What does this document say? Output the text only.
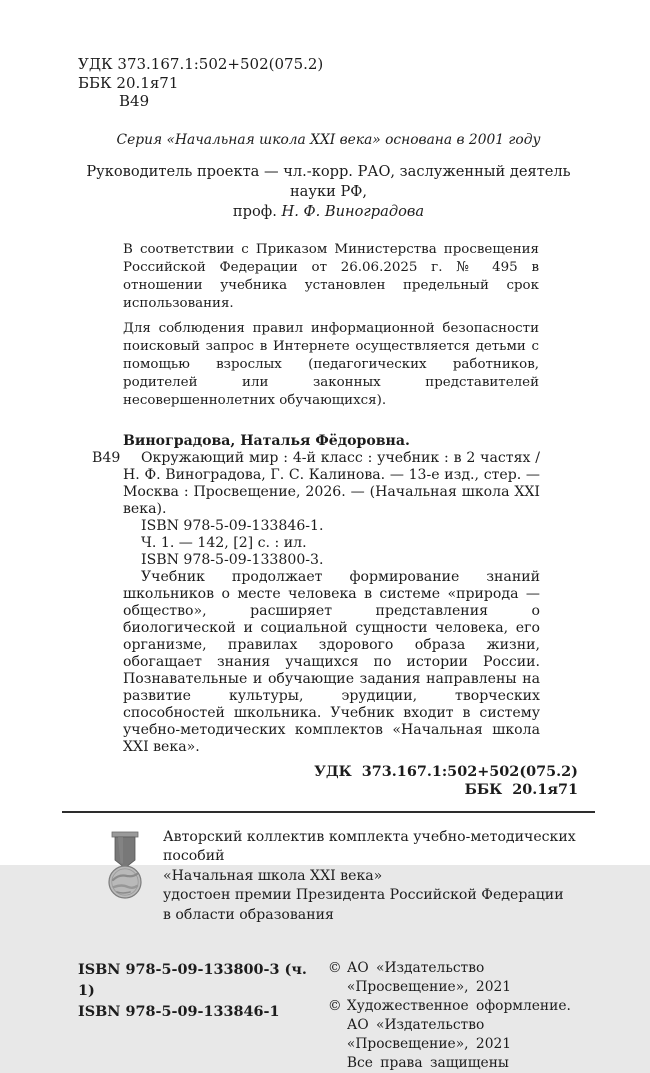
УДК 373.167.1:502+502(075.2)
ББК 20.1я71
В49
Серия «Начальная школа XXI века» основана в 2001 году
Руководитель проекта — чл.-корр. РАО, заслуженный деятель науки РФ,
проф. Н. Ф. Виноградова

В соответствии с Приказом Министерства просвещения Российской Федерации от 26.06.2025 г. № 495 в отношении учебника установлен предельный срок использования.

Для соблюдения правил информационной безопасности поисковый запрос в Интернете осуществляется детьми с помощью взрослых (педагогических работников, родителей или законных представителей несовершеннолетних обучающихся).

В49

Виноградова, Наталья Фёдоровна.

Окружающий мир : 4-й класс : учебник : в 2 частях / Н. Ф. Виноградова, Г. С. Калинова. — 13-е изд., стер. — Москва : Просвещение, 2026. — (Начальная школа XXI века).

ISBN 978-5-09-133846-1.

Ч. 1. — 142, [2] с. : ил.

ISBN 978-5-09-133800-3.

Учебник продолжает формирование знаний школьников о месте человека в системе «природа — общество», расширяет представления о биологической и социальной сущности человека, его организме, правилах здорового образа жизни, обогащает знания учащихся по истории России. Познавательные и обучающие задания направлены на развитие культуры, эрудиции, творческих способностей школьника. Учебник входит в систему учебно-методических комплектов «Начальная школа XXI века».

УДК  373.167.1:502+502(075.2)
ББК  20.1я71
Авторский коллектив комплекта учебно-методических пособий
«Начальная школа XXI века»
удостоен премии Президента Российской Федерации
в области образования
ISBN 978-5-09-133800-3 (ч. 1)
ISBN 978-5-09-133846-1
© АО «Издательство «Просвещение», 2021
© Художественное оформление.
АО «Издательство «Просвещение», 2021
Все права защищены
